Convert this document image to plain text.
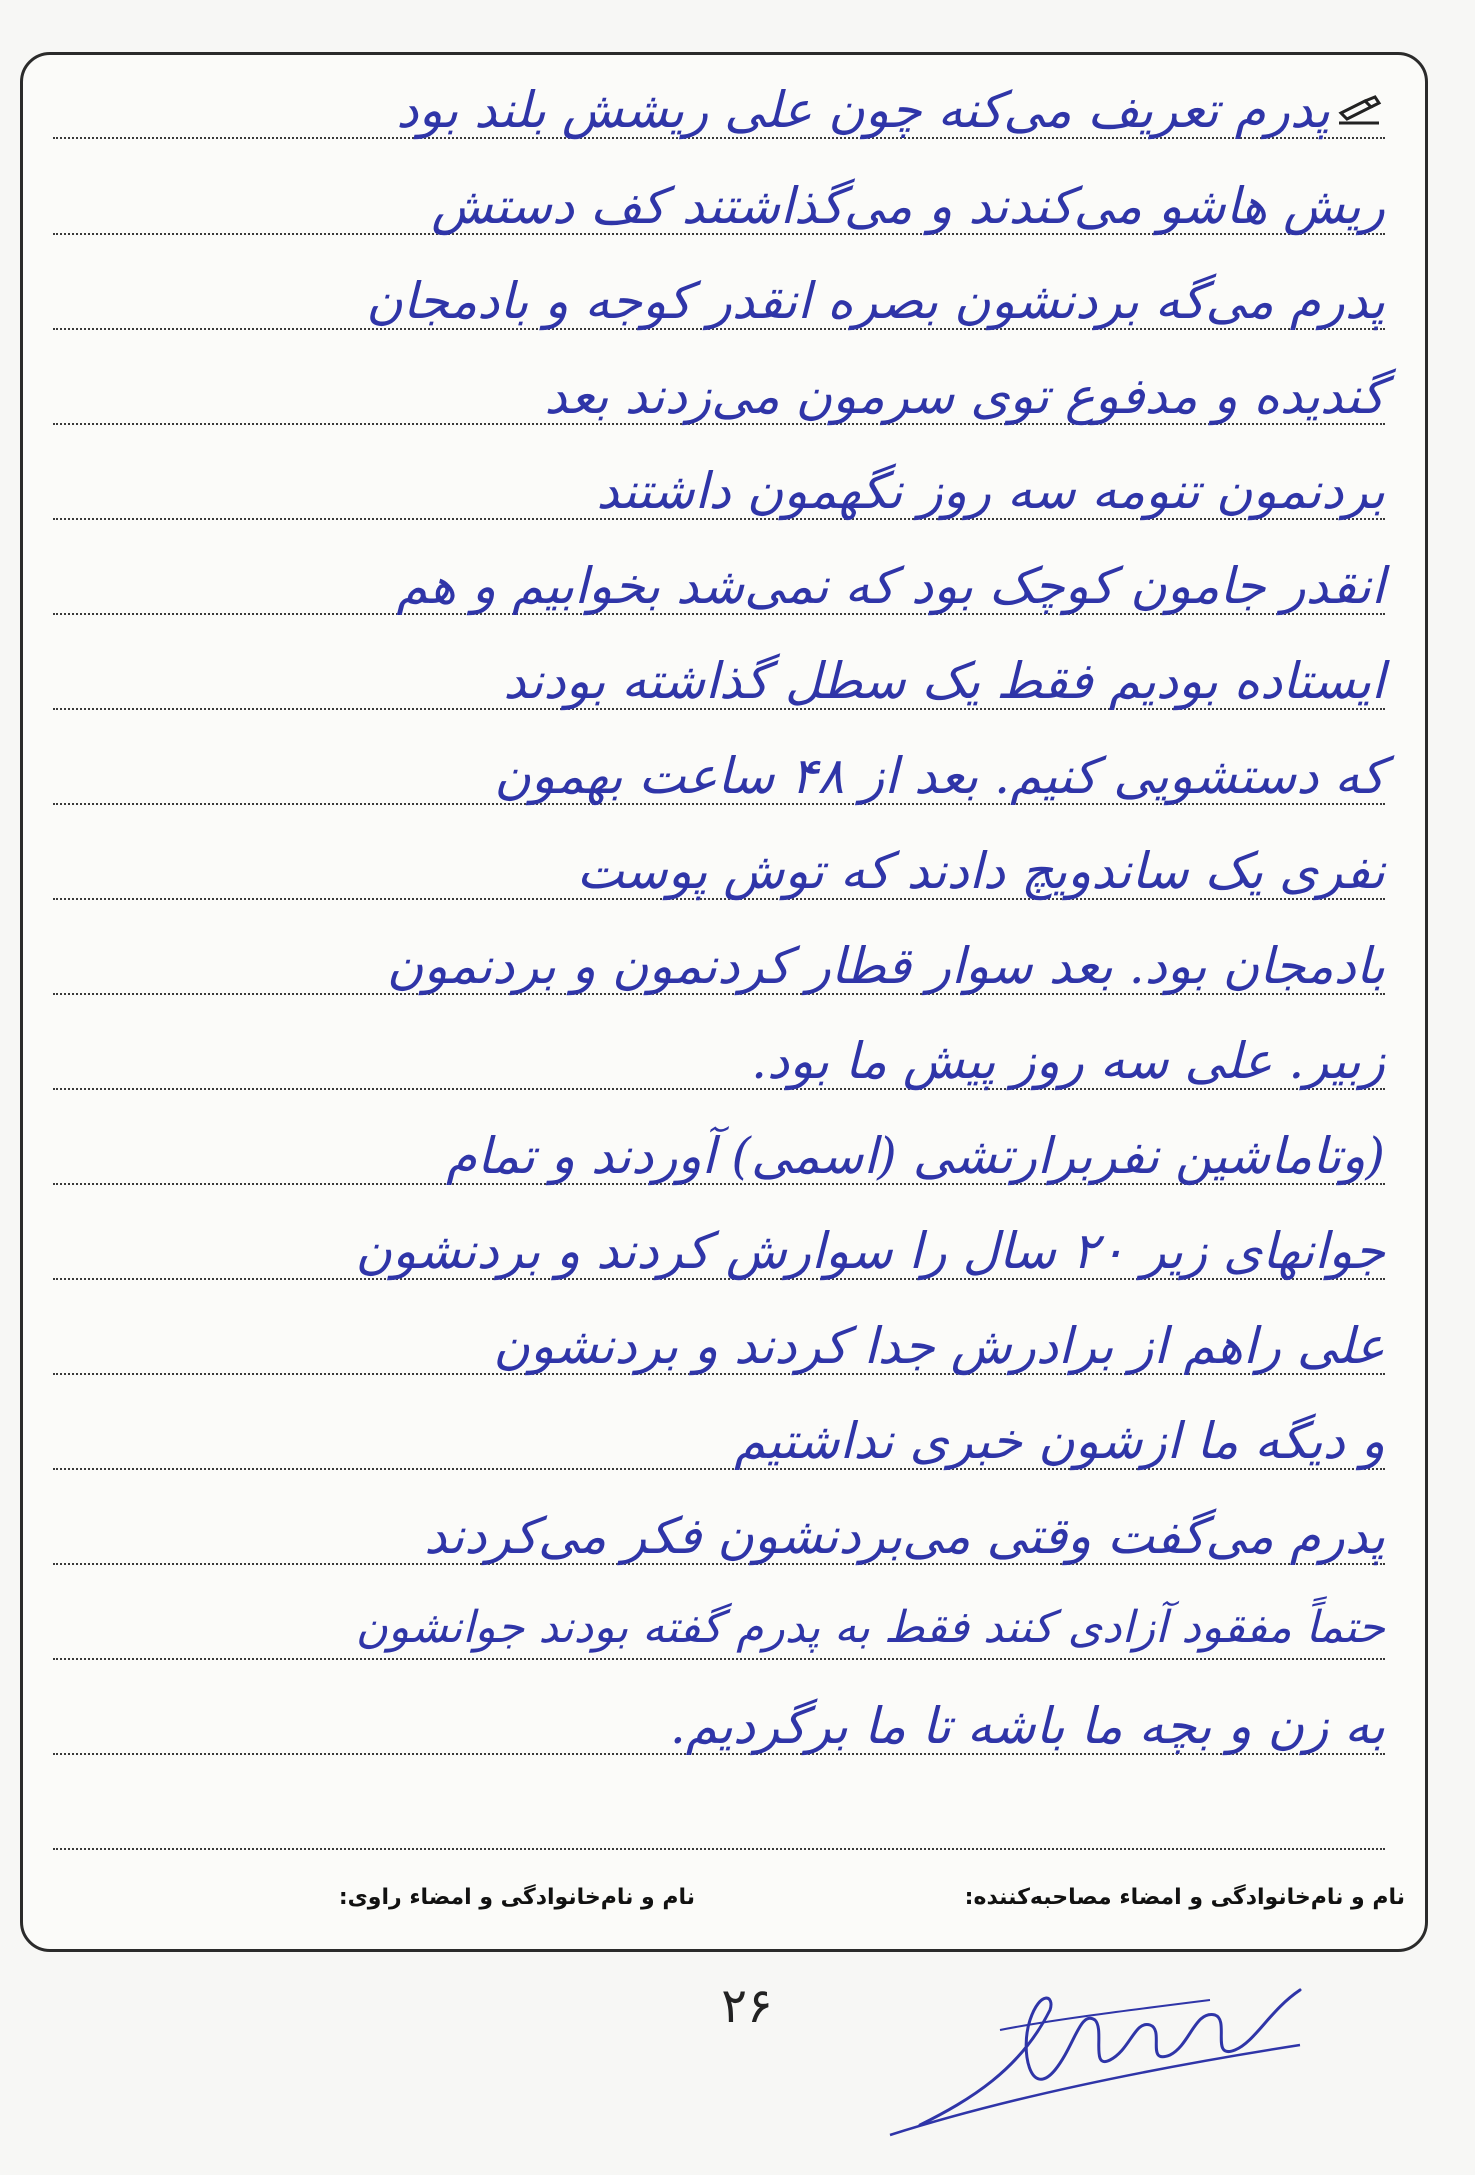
پدرم تعریف می‌کنه چون علی ریشش بلند بود
ریش هاشو می‌کندند و می‌گذاشتند کف دستش
پدرم می‌گه بردنشون بصره انقدر کوجه و بادمجان
گندیده و مدفوع توی سرمون می‌زدند بعد
بردنمون تنومه سه روز نگهمون داشتند
انقدر جامون کوچک بود که نمی‌شد بخوابیم و هم
ایستاده بودیم فقط یک سطل گذاشته بودند
که دستشویی کنیم. بعد از ۴۸ ساعت بهمون
نفری یک ساندویچ دادند که توش پوست
بادمجان بود. بعد سوار قطار کردنمون و بردنمون
زبیر. علی سه روز پیش ما بود.
(وتاماشین نفربرارتشی (اسمی) آوردند و تمام
جوانهای زیر ۲۰ سال را سوارش کردند و بردنشون
علی راهم از برادرش جدا کردند و بردنشون
و دیگه ما ازشون خبری نداشتیم
پدرم می‌گفت وقتی می‌بردنشون فکر می‌کردند
حتماً مفقود آزادی کنند فقط به پدرم گفته بودند جوانشون
به زن و بچه ما باشه تا ما برگردیم.
نام و نام‌خانوادگی و امضاء مصاحبه‌کننده:
نام و نام‌خانوادگی و امضاء راوی:
۲۶
